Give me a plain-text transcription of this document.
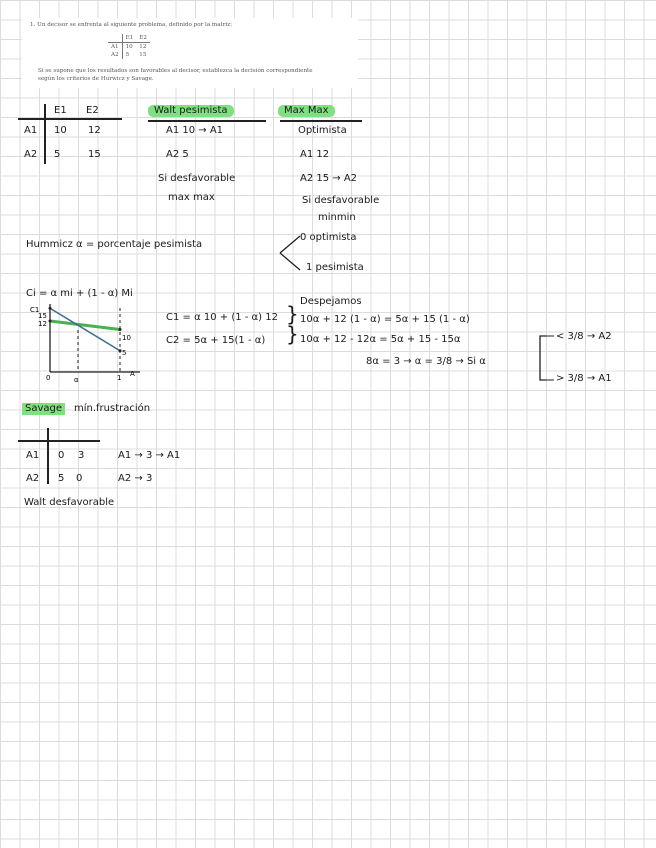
1. Un decisor se enfrenta al siguiente problema, definido por la matriz:
	E1	E2
A1	10	12
A2	5	15
Si se supone que los resultados son favorables al decisor, establezca la decisión correspondiente
según los criterios de Hurwicz y Savage.
E1 E2
A1 10 12
A2 5	15
Walt pesimista
A1 10 → A1
A2 5
Si desfavorable
max max
Max Max
Optimista
A1 12
A2 15 → A2
Si desfavorable
minmin
Hummicz α = porcentaje pesimista
0 optimista
1 pesimista
Ci = α mi + (1 - α) Mi
C1 = α 10 + (1 - α) 12
C2 = 5α + 15(1 - α)
}
}
Despejamos
10α + 12 (1 - α) = 5α + 15 (1 - α)
10α + 12 - 12α = 5α + 15 - 15α
8α = 3 → α = 3/8 → Si α
< 3/8 → A2
> 3/8 → A1
C1
15
12
10
5
0	α	1 A
Savage	mín.frustración
A1 0 3
A2 5 0
A1 → 3 → A1
A2 → 3
Walt desfavorable
